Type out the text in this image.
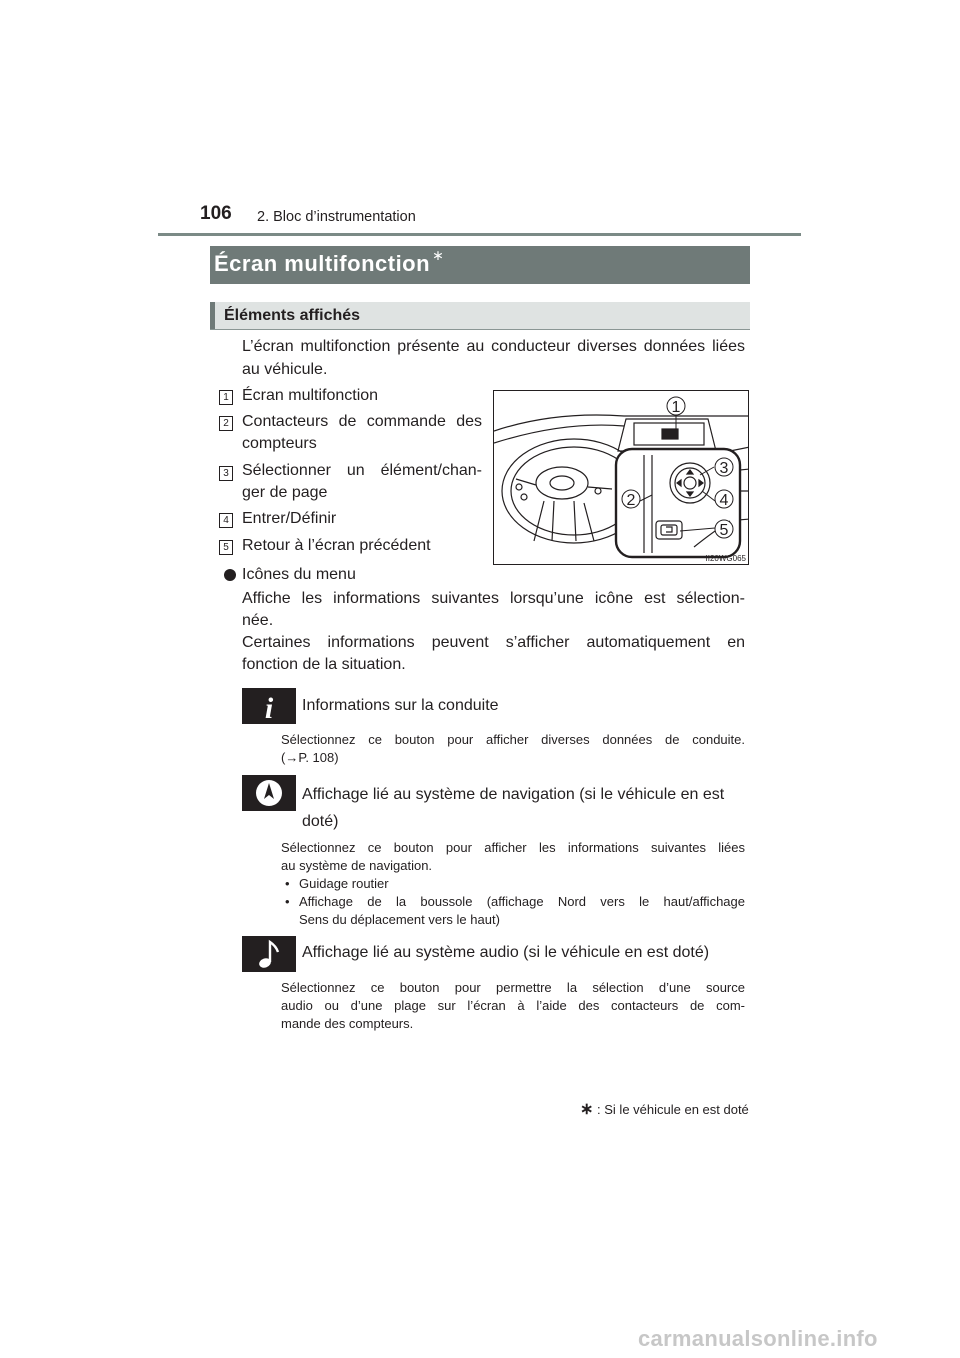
106 2. Bloc d’instrumentation
Écran multifonction ∗
Éléments affichés
L’écran multifonction présente au conducteur diverses données liées au véhicule.
1 Écran multifonction
2 Contacteurs de commande des
compteurs
3 Sélectionner un élément/chan-
ger de page
4 Entrer/Définir
5 Retour à l’écran précédent
1
2
3
4
5
II20WG065
Icônes du menu
Affiche les informations suivantes lorsqu’une icône est sélection-
née.
Certaines informations peuvent s’afficher automatiquement en
fonction de la situation.
i Informations sur la conduite
Sélectionnez ce bouton pour afficher diverses données de conduite.
(→P. 108)
Affichage lié au système de navigation (si le véhicule en est
doté)
Sélectionnez ce bouton pour afficher les informations suivantes liées
au système de navigation.
• Guidage routier
• Affichage de la boussole (affichage Nord vers le haut/affichage
Sens du déplacement vers le haut)
Affichage lié au système audio (si le véhicule en est doté)
Sélectionnez ce bouton pour permettre la sélection d’une source
audio ou d’une plage sur l’écran à l’aide des contacteurs de com-
mande des compteurs.
∗ : Si le véhicule en est doté
carmanualsonline.info
